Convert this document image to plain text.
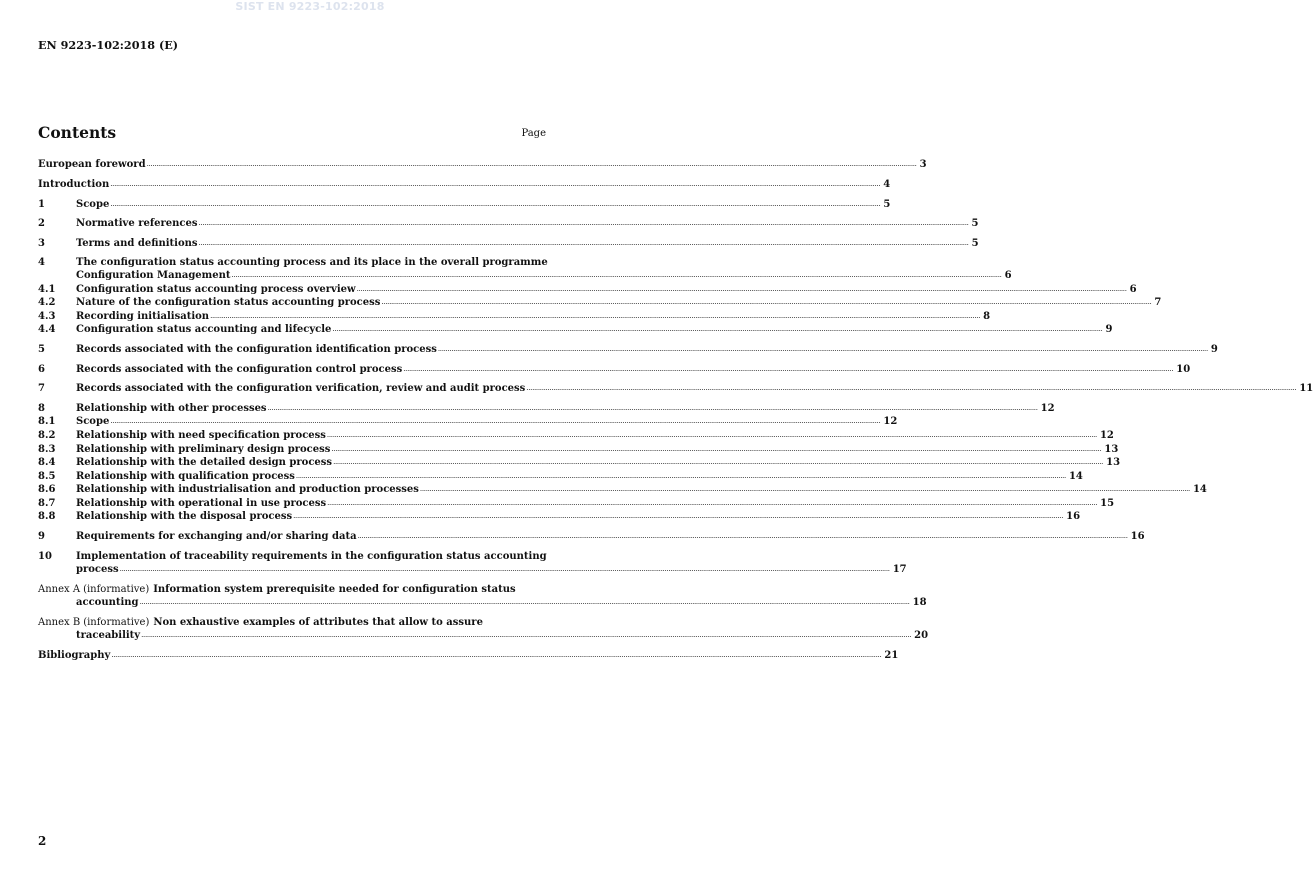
SIST EN 9223-102:2018
EN 9223-102:2018 (E)
Contents	Page
European foreword ................................................................................................................................................................................................................................................................................................................................................................................................................ 3
Introduction ................................................................................................................................................................................................................................................................................................................................................................................................................ 4
1	Scope ................................................................................................................................................................................................................................................................................................................................................................................................................ 5
2	Normative references ................................................................................................................................................................................................................................................................................................................................................................................................................ 5
3	Terms and definitions ................................................................................................................................................................................................................................................................................................................................................................................................................ 5
4	The configuration status accounting process and its place in the overall programme
Configuration Management ................................................................................................................................................................................................................................................................................................................................................................................................................ 6
4.1	Configuration status accounting process overview ................................................................................................................................................................................................................................................................................................................................................................................................................ 6
4.2	Nature of the configuration status accounting process ................................................................................................................................................................................................................................................................................................................................................................................................................ 7
4.3	Recording initialisation ................................................................................................................................................................................................................................................................................................................................................................................................................ 8
4.4	Configuration status accounting and lifecycle ................................................................................................................................................................................................................................................................................................................................................................................................................ 9
5	Records associated with the configuration identification process ................................................................................................................................................................................................................................................................................................................................................................................................................ 9
6	Records associated with the configuration control process ................................................................................................................................................................................................................................................................................................................................................................................................................ 10
7	Records associated with the configuration verification, review and audit process ................................................................................................................................................................................................................................................................................................................................................................................................................ 11
8	Relationship with other processes ................................................................................................................................................................................................................................................................................................................................................................................................................ 12
8.1	Scope ................................................................................................................................................................................................................................................................................................................................................................................................................ 12
8.2	Relationship with need specification process ................................................................................................................................................................................................................................................................................................................................................................................................................ 12
8.3	Relationship with preliminary design process ................................................................................................................................................................................................................................................................................................................................................................................................................ 13
8.4	Relationship with the detailed design process ................................................................................................................................................................................................................................................................................................................................................................................................................ 13
8.5	Relationship with qualification process ................................................................................................................................................................................................................................................................................................................................................................................................................ 14
8.6	Relationship with industrialisation and production processes ................................................................................................................................................................................................................................................................................................................................................................................................................ 14
8.7	Relationship with operational in use process ................................................................................................................................................................................................................................................................................................................................................................................................................ 15
8.8	Relationship with the disposal process ................................................................................................................................................................................................................................................................................................................................................................................................................ 16
9	Requirements for exchanging and/or sharing data ................................................................................................................................................................................................................................................................................................................................................................................................................ 16
10	Implementation of traceability requirements in the configuration status accounting
process ................................................................................................................................................................................................................................................................................................................................................................................................................ 17
Annex A (informative) Information system prerequisite needed for configuration status
accounting ................................................................................................................................................................................................................................................................................................................................................................................................................ 18
Annex B (informative) Non exhaustive examples of attributes that allow to assure
traceability ................................................................................................................................................................................................................................................................................................................................................................................................................ 20
Bibliography ................................................................................................................................................................................................................................................................................................................................................................................................................ 21
2
